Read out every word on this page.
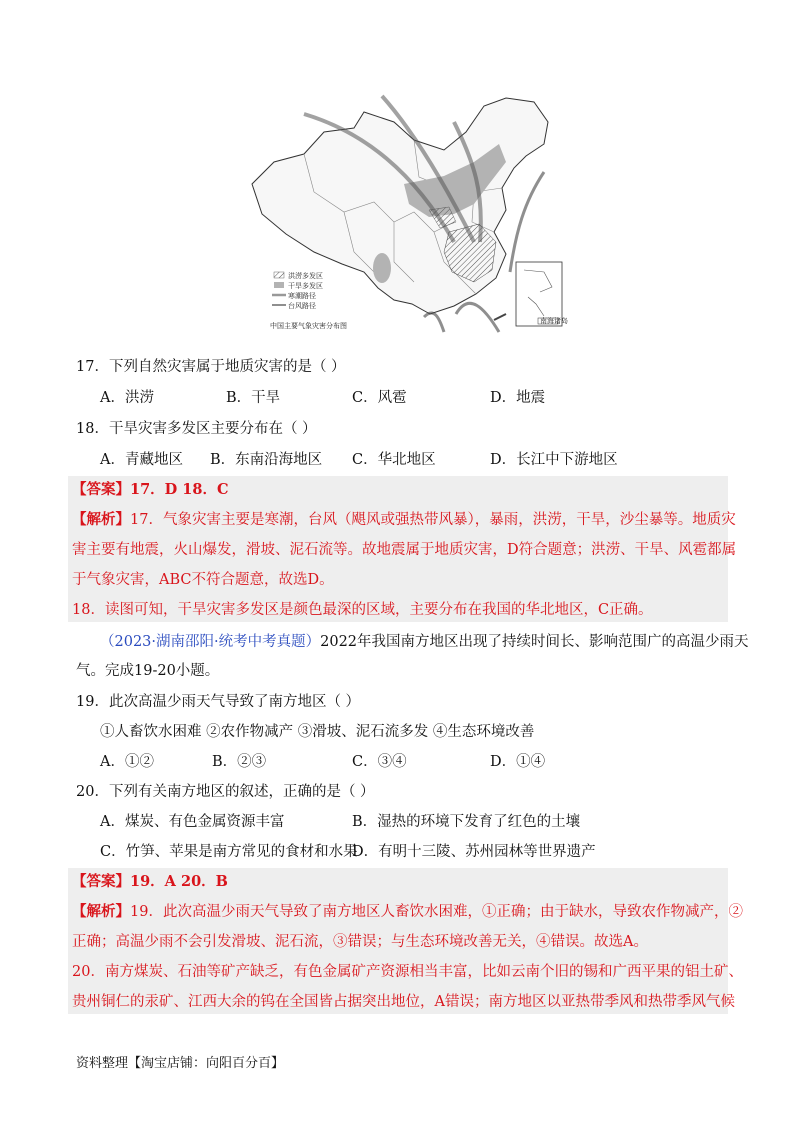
南海诸岛
洪涝多发区
干旱多发区
寒潮路径
台风路径
中国主要气象灾害分布图
17．下列自然灾害属于地质灾害的是（ ）
A．洪涝	B．干旱	C．风雹	D．地震
18．干旱灾害多发区主要分布在（ ）
A．青藏地区 B．东南沿海地区 C．华北地区	D．长江中下游地区
【答案】17．D 18．C
【解析】17．气象灾害主要是寒潮，台风（飓风或强热带风暴），暴雨，洪涝，干旱，沙尘暴等。地质灾
害主要有地震，火山爆发，滑坡、泥石流等。故地震属于地质灾害，D符合题意；洪涝、干旱、风雹都属
于气象灾害，ABC不符合题意，故选D。
18．读图可知，干旱灾害多发区是颜色最深的区域，主要分布在我国的华北地区，C正确。
（2023·湖南邵阳·统考中考真题）2022年我国南方地区出现了持续时间长、影响范围广的高温少雨天
气。完成19-20小题。
19．此次高温少雨天气导致了南方地区（ ）
①人畜饮水困难 ②农作物减产 ③滑坡、泥石流多发 ④生态环境改善
A．①②	B．②③	C．③④	D．①④
20．下列有关南方地区的叙述，正确的是（ ）
A．煤炭、有色金属资源丰富	B．湿热的环境下发育了红色的土壤
C．竹笋、苹果是南方常见的食材和水果D．有明十三陵、苏州园林等世界遗产
【答案】19．A 20．B
【解析】19．此次高温少雨天气导致了南方地区人畜饮水困难，①正确；由于缺水，导致农作物减产，②
正确；高温少雨不会引发滑坡、泥石流，③错误；与生态环境改善无关，④错误。故选A。
20．南方煤炭、石油等矿产缺乏，有色金属矿产资源相当丰富，比如云南个旧的锡和广西平果的铝土矿、
贵州铜仁的汞矿、江西大余的钨在全国皆占据突出地位，A错误；南方地区以亚热带季风和热带季风气候
资料整理【淘宝店铺：向阳百分百】
